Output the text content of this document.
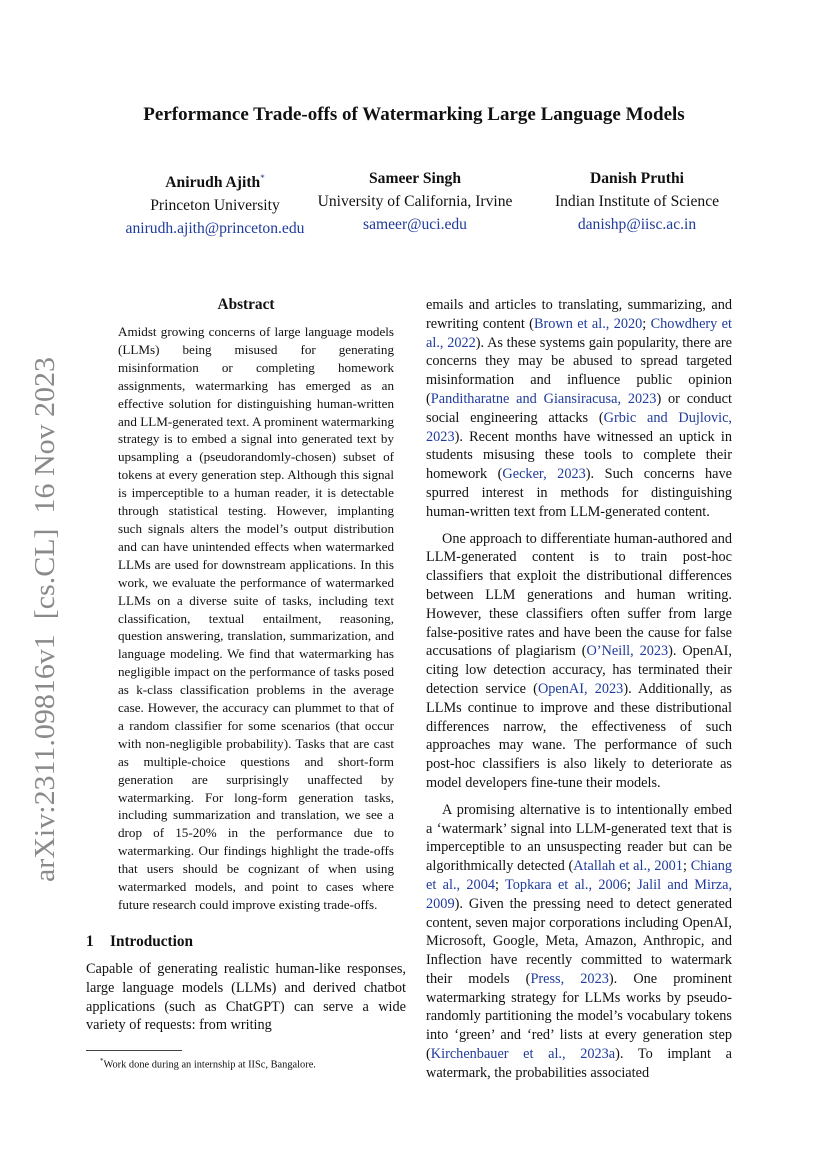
arXiv:2311.09816v1  [cs.CL]  16 Nov 2023
Performance Trade-offs of Watermarking Large Language Models
Anirudh Ajith*
Princeton University
anirudh.ajith@princeton.edu
Sameer Singh
University of California, Irvine
sameer@uci.edu
Danish Pruthi
Indian Institute of Science
danishp@iisc.ac.in
Abstract
Amidst growing concerns of large language models (LLMs) being misused for generating misinformation or completing homework assignments, watermarking has emerged as an effective solution for distinguishing human-written and LLM-generated text. A prominent watermarking strategy is to embed a signal into generated text by upsampling a (pseudorandomly-chosen) subset of tokens at every generation step. Although this signal is imperceptible to a human reader, it is detectable through statistical testing. However, implanting such signals alters the model’s output distribution and can have unintended effects when watermarked LLMs are used for downstream applications. In this work, we evaluate the performance of watermarked LLMs on a diverse suite of tasks, including text classification, textual entailment, reasoning, question answering, translation, summarization, and language modeling. We find that watermarking has negligible impact on the performance of tasks posed as k-class classification problems in the average case. However, the accuracy can plummet to that of a random classifier for some scenarios (that occur with non-negligible probability). Tasks that are cast as multiple-choice questions and short-form generation are surprisingly unaffected by watermarking. For long-form generation tasks, including summarization and translation, we see a drop of 15-20% in the performance due to watermarking. Our findings highlight the trade-offs that users should be cognizant of when using watermarked models, and point to cases where future research could improve existing trade-offs.
1 Introduction

Capable of generating realistic human-like responses, large language models (LLMs) and derived chatbot applications (such as ChatGPT) can serve a wide variety of requests: from writing

*Work done during an internship at IISc, Bangalore.

emails and articles to translating, summarizing, and rewriting content (Brown et al., 2020; Chowdhery et al., 2022). As these systems gain popularity, there are concerns they may be abused to spread targeted misinformation and influence public opinion (Panditharatne and Giansiracusa, 2023) or conduct social engineering attacks (Grbic and Dujlovic, 2023). Recent months have witnessed an uptick in students misusing these tools to complete their homework (Gecker, 2023). Such concerns have spurred interest in methods for distinguishing human-written text from LLM-generated content.

One approach to differentiate human-authored and LLM-generated content is to train post-hoc classifiers that exploit the distributional differences between LLM generations and human writing. However, these classifiers often suffer from large false-positive rates and have been the cause for false accusations of plagiarism (O’Neill, 2023). OpenAI, citing low detection accuracy, has terminated their detection service (OpenAI, 2023). Additionally, as LLMs continue to improve and these distributional differences narrow, the effectiveness of such approaches may wane. The performance of such post-hoc classifiers is also likely to deteriorate as model developers fine-tune their models.

A promising alternative is to intentionally embed a ‘watermark’ signal into LLM-generated text that is imperceptible to an unsuspecting reader but can be algorithmically detected (Atallah et al., 2001; Chiang et al., 2004; Topkara et al., 2006; Jalil and Mirza, 2009). Given the pressing need to detect generated content, seven major corporations including OpenAI, Microsoft, Google, Meta, Amazon, Anthropic, and Inflection have recently committed to watermark their models (Press, 2023). One prominent watermarking strategy for LLMs works by pseudo-randomly partitioning the model’s vocabulary tokens into ‘green’ and ‘red’ lists at every generation step (Kirchenbauer et al., 2023a). To implant a watermark, the probabilities associated
